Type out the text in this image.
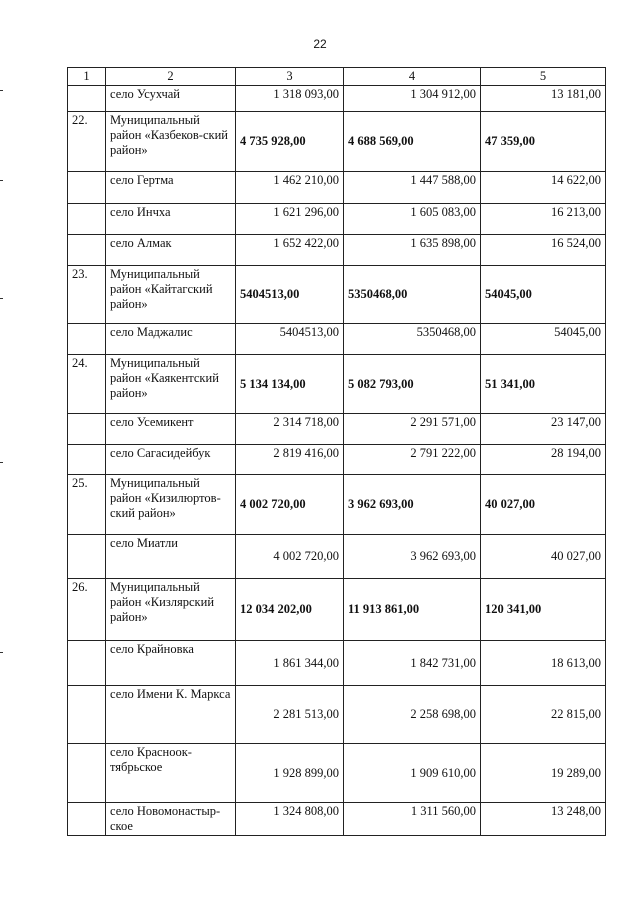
22
1	2	3	4	5
	село Усухчай	1 318 093,00	1 304 912,00	13 181,00
22.	Муниципальный район «Казбеков-ский район»	4 735 928,00	4 688 569,00	47 359,00
	село Гертма	1 462 210,00	1 447 588,00	14 622,00
	село Инчха	1 621 296,00	1 605 083,00	16 213,00
	село Алмак	1 652 422,00	1 635 898,00	16 524,00
23.	Муниципальный район «Кайтагский район»	5404513,00	5350468,00	54045,00
	село Маджалис	5404513,00	5350468,00	54045,00
24.	Муниципальный район «Каякентский район»	5 134 134,00	5 082 793,00	51 341,00
	село Усемикент	2 314 718,00	2 291 571,00	23 147,00
	село Сагасидейбук	2 819 416,00	2 791 222,00	28 194,00
25.	Муниципальный район «Кизилюртов-ский район»	4 002 720,00	3 962 693,00	40 027,00
	село Миатли	4 002 720,00	3 962 693,00	40 027,00
26.	Муниципальный район «Кизлярский район»	12 034 202,00	11 913 861,00	120 341,00
	село Крайновка	1 861 344,00	1 842 731,00	18 613,00
	село Имени К. Маркса	2 281 513,00	2 258 698,00	22 815,00
	село Красноок-тябрьское	1 928 899,00	1 909 610,00	19 289,00
	село Новомонастыр-ское	1 324 808,00	1 311 560,00	13 248,00
